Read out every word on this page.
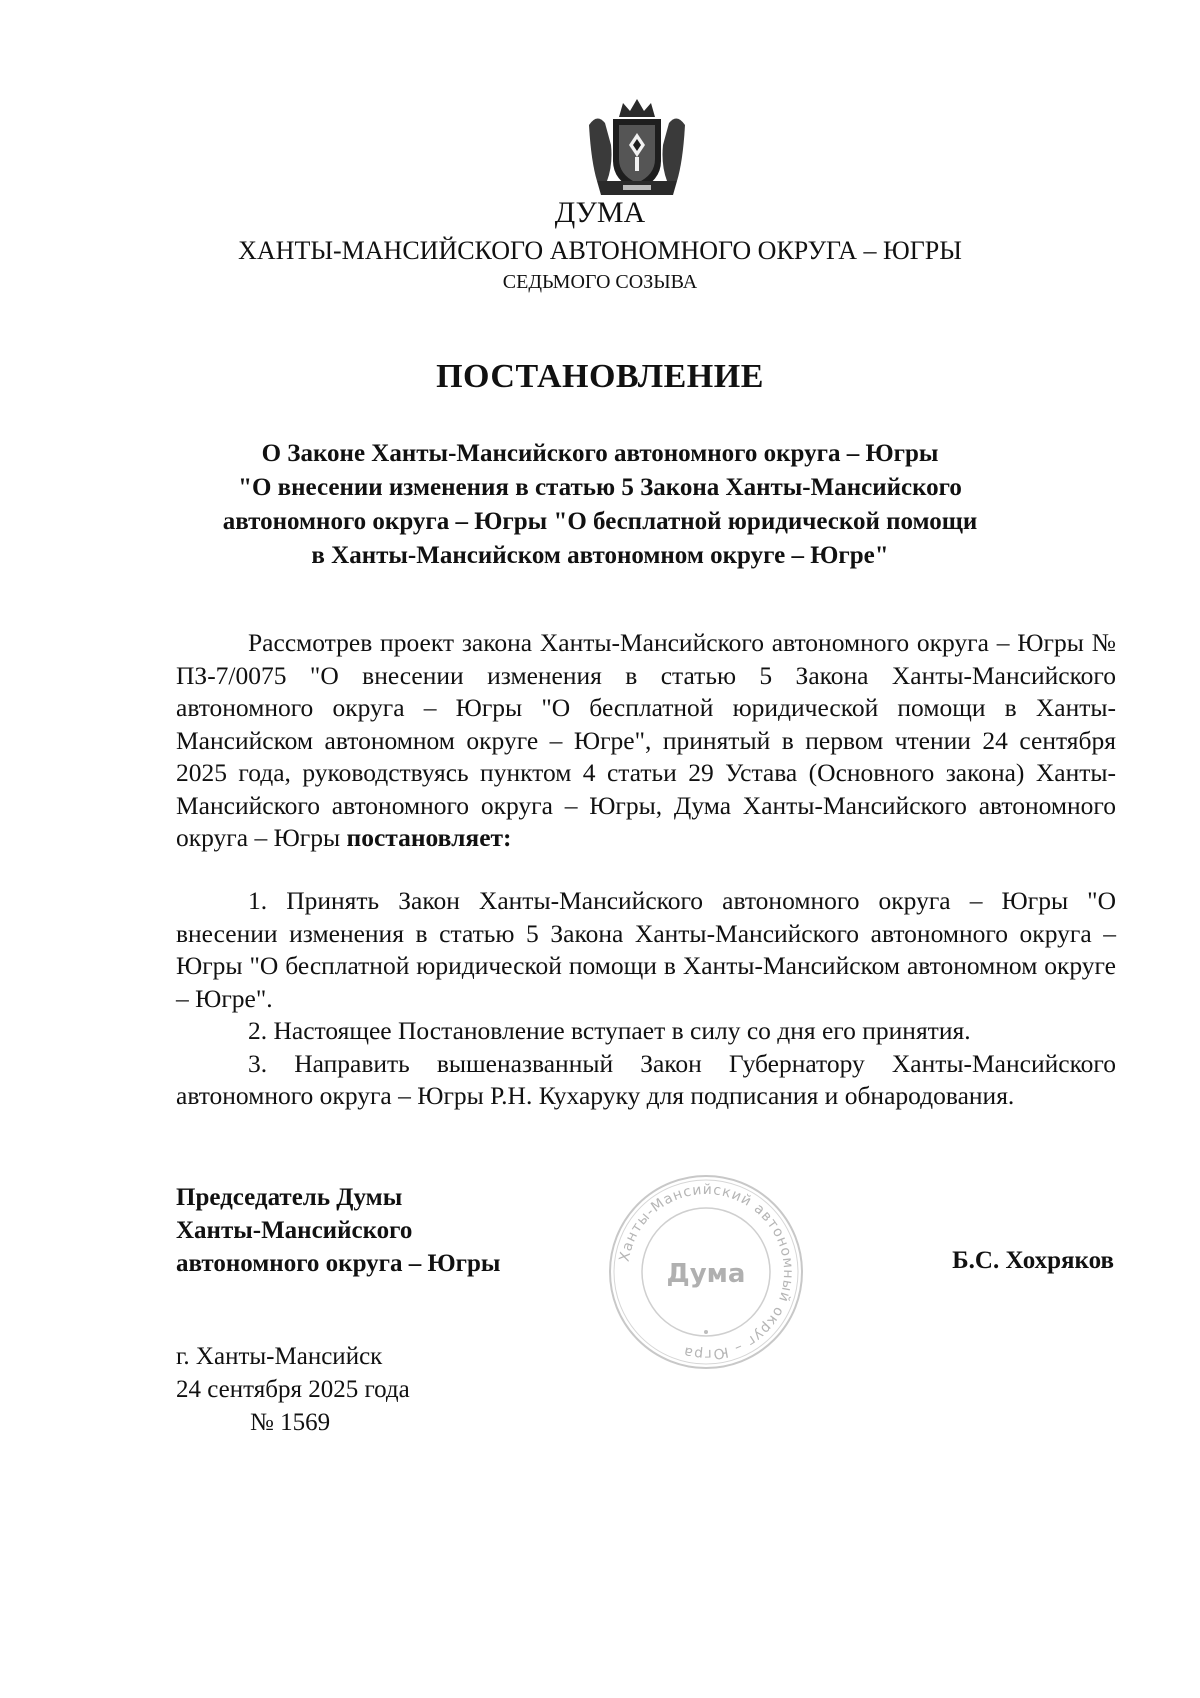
ДУМА
ХАНТЫ-МАНСИЙСКОГО АВТОНОМНОГО ОКРУГА – ЮГРЫ
СЕДЬМОГО СОЗЫВА
ПОСТАНОВЛЕНИЕ
О Законе Ханты-Мансийского автономного округа – Югры
"О внесении изменения в статью 5 Закона Ханты-Мансийского
автономного округа – Югры "О бесплатной юридической помощи
в Ханты-Мансийском автономном округе – Югре"

Рассмотрев проект закона Ханты-Мансийского автономного округа – Югры № ПЗ-7/0075 "О внесении изменения в статью 5 Закона Ханты-Мансийского автономного округа – Югры "О бесплатной юридической помощи в Ханты-Мансийском автономном округе – Югре", принятый в первом чтении 24 сентября 2025 года, руководствуясь пунктом 4 статьи 29 Устава (Основного закона) Ханты-Мансийского автономного округа – Югры, Дума Ханты-Мансийского автономного округа – Югры постановляет:

1. Принять Закон Ханты-Мансийского автономного округа – Югры "О внесении изменения в статью 5 Закона Ханты-Мансийского автономного округа – Югры "О бесплатной юридической помощи в Ханты-Мансийском автономном округе – Югре".

2. Настоящее Постановление вступает в силу со дня его принятия.

3. Направить вышеназванный Закон Губернатору Ханты-Мансийского автономного округа – Югры Р.Н. Кухаруку для подписания и обнародования.

Председатель Думы
Ханты-Мансийского
автономного округа – Югры	Ханты-Мансийский автономный округ – Югра
Дума	Б.С. Хохряков
г. Ханты-Мансийск
24 сентября 2025 года
№ 1569
